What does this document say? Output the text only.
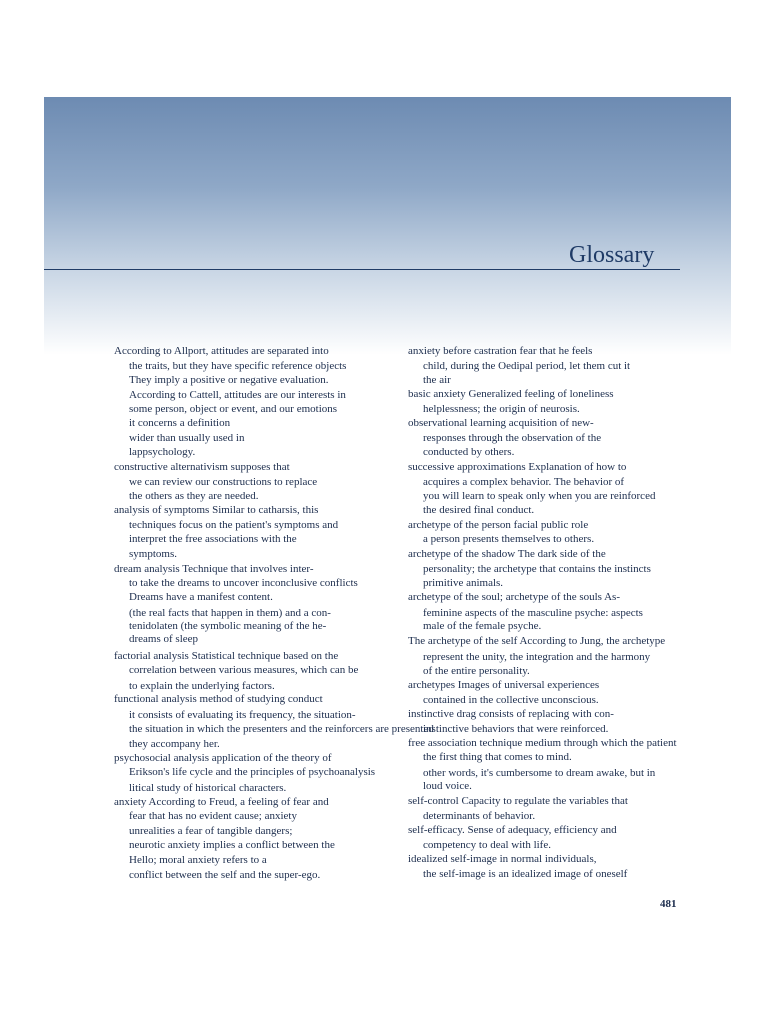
Glossary
According to Allport, attitudes are separated into
the traits, but they have specific reference objects
They imply a positive or negative evaluation.
According to Cattell, attitudes are our interests in
some person, object or event, and our emotions
it concerns a definition
wider than usually used in
lappsychology.
constructive alternativism supposes that
we can review our constructions to replace
the others as they are needed.
analysis of symptoms Similar to catharsis, this
techniques focus on the patient's symptoms and
interpret the free associations with the
symptoms.
dream analysis Technique that involves inter-
to take the dreams to uncover inconclusive conflicts
Dreams have a manifest content.
(the real facts that happen in them) and a con-
tenidolaten (the symbolic meaning of the he-
dreams of sleep
factorial analysis Statistical technique based on the
correlation between various measures, which can be
to explain the underlying factors.
functional analysis method of studying conduct
it consists of evaluating its frequency, the situation-
the situation in which the presenters and the reinforcers are presented
they accompany her.
psychosocial analysis application of the theory of
Erikson's life cycle and the principles of psychoanalysis
litical study of historical characters.
anxiety According to Freud, a feeling of fear and
fear that has no evident cause; anxiety
unrealities a fear of tangible dangers;
neurotic anxiety implies a conflict between the
Hello; moral anxiety refers to a
conflict between the self and the super-ego.
anxiety before castration fear that he feels
child, during the Oedipal period, let them cut it
the air
basic anxiety Generalized feeling of loneliness
helplessness; the origin of neurosis.
observational learning acquisition of new-
responses through the observation of the
conducted by others.
successive approximations Explanation of how to
acquires a complex behavior. The behavior of
you will learn to speak only when you are reinforced
the desired final conduct.
archetype of the person facial public role
a person presents themselves to others.
archetype of the shadow The dark side of the
personality; the archetype that contains the instincts
primitive animals.
archetype of the soul; archetype of the souls As-
feminine aspects of the masculine psyche: aspects
male of the female psyche.
The archetype of the self According to Jung, the archetype
represent the unity, the integration and the harmony
of the entire personality.
archetypes Images of universal experiences
contained in the collective unconscious.
instinctive drag consists of replacing with con-
instinctive behaviors that were reinforced.
free association technique medium through which the patient
the first thing that comes to mind.
other words, it's cumbersome to dream awake, but in
loud voice.
self-control Capacity to regulate the variables that
determinants of behavior.
self-efficacy. Sense of adequacy, efficiency and
competency to deal with life.
idealized self-image in normal individuals,
the self-image is an idealized image of oneself
481
